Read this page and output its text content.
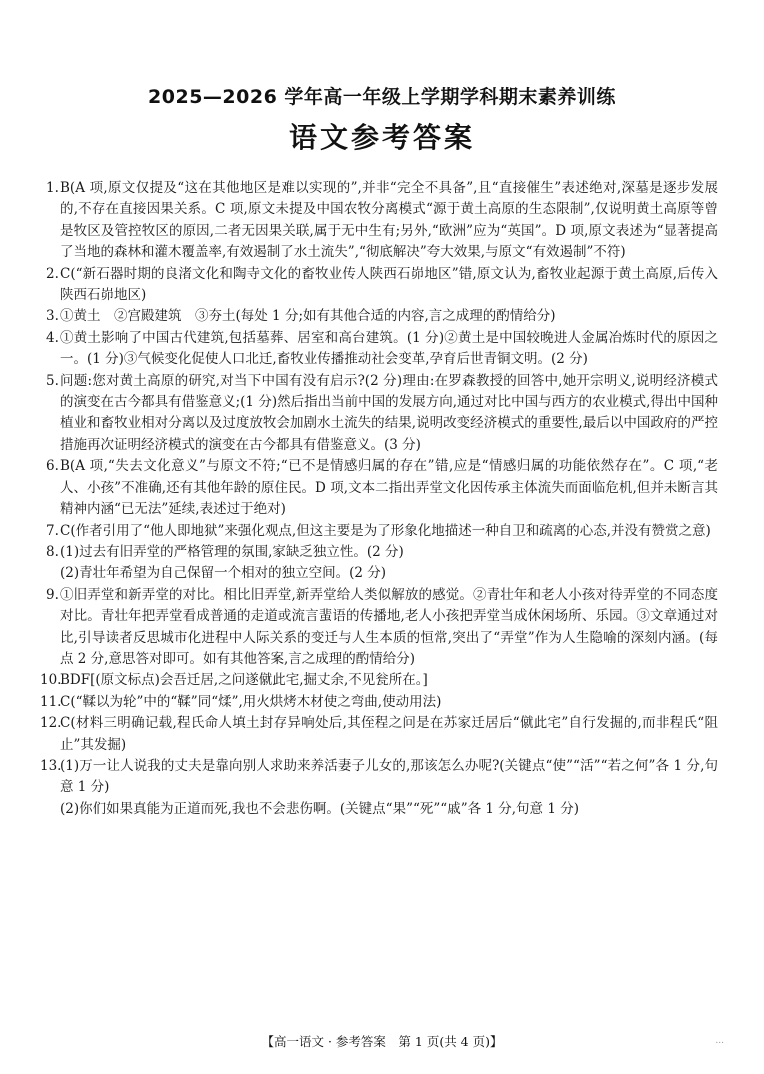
2025—2026 学年高一年级上学期学科期末素养训练
语文参考答案
1. B(A 项,原文仅提及“这在其他地区是难以实现的”,并非“完全不具备”,且“直接催生”表述绝对,深墓是逐步发展的,不存在直接因果关系。C 项,原文未提及中国农牧分离模式“源于黄土高原的生态限制”,仅说明黄土高原等曾是牧区及管控牧区的原因,二者无因果关联,属于无中生有;另外,“欧洲”应为“英国”。D 项,原文表述为“显著提高了当地的森林和灌木覆盖率,有效遏制了水土流失”,“彻底解决”夸大效果,与原文“有效遏制”不符)
2. C(“新石器时期的良渚文化和陶寺文化的畜牧业传人陕西石峁地区”错,原文认为,畜牧业起源于黄土高原,后传入陕西石峁地区)
3. ①黄土　②宫殿建筑　③夯土(每处 1 分;如有其他合适的内容,言之成理的酌情给分)
4. ①黄土影响了中国古代建筑,包括墓葬、居室和高台建筑。(1 分)②黄土是中国较晚进人金属冶炼时代的原因之一。(1 分)③气候变化促使人口北迁,畜牧业传播推动社会变革,孕育后世青铜文明。(2 分)
5. 问题:您对黄土高原的研究,对当下中国有没有启示?(2 分)理由:在罗森教授的回答中,她开宗明义,说明经济模式的演变在古今都具有借鉴意义;(1 分)然后指出当前中国的发展方向,通过对比中国与西方的农业模式,得出中国种植业和畜牧业相对分离以及过度放牧会加剧水土流失的结果,说明改变经济模式的重要性,最后以中国政府的严控措施再次证明经济模式的演变在古今都具有借鉴意义。(3 分)
6. B(A 项,“失去文化意义”与原文不符;“已不是情感归属的存在”错,应是“情感归属的功能依然存在”。C 项,“老人、小孩”不准确,还有其他年龄的原住民。D 项,文本二指出弄堂文化因传承主体流失而面临危机,但并未断言其精神内涵“已无法”延续,表述过于绝对)
7. C(作者引用了“他人即地狱”来强化观点,但这主要是为了形象化地描述一种自卫和疏离的心态,并没有赞赏之意)
8. (1)过去有旧弄堂的严格管理的氛围,家缺乏独立性。(2 分)
(2)青壮年希望为自己保留一个相对的独立空间。(2 分)
9. ①旧弄堂和新弄堂的对比。相比旧弄堂,新弄堂给人类似解放的感觉。②青壮年和老人小孩对待弄堂的不同态度对比。青壮年把弄堂看成普通的走道或流言蜚语的传播地,老人小孩把弄堂当成休闲场所、乐园。③文章通过对比,引导读者反思城市化进程中人际关系的变迁与人生本质的恒常,突出了“弄堂”作为人生隐喻的深刻内涵。(每点 2 分,意思答对即可。如有其他答案,言之成理的酌情给分)
10.
BDF[(原文标点)会吾迁居,之问遂僦此宅,掘丈余,不见瓮所在。]
11.
C(“鞣以为轮”中的“鞣”同“煣”,用火烘烤木材使之弯曲,使动用法)
12.
C(材料三明确记载,程氏命人填土封存异响处后,其侄程之问是在苏家迁居后“僦此宅”自行发掘的,而非程氏“阻止”其发掘)
13.
(1)万一让人说我的丈夫是靠向别人求助来养活妻子儿女的,那该怎么办呢?(关键点“使”“活”“若之何”各 1 分,句意 1 分)
(2)你们如果真能为正道而死,我也不会悲伤啊。(关键点“果”“死”“戚”各 1 分,句意 1 分)
【高一语文 · 参考答案　第 1 页(共 4 页)】	...
